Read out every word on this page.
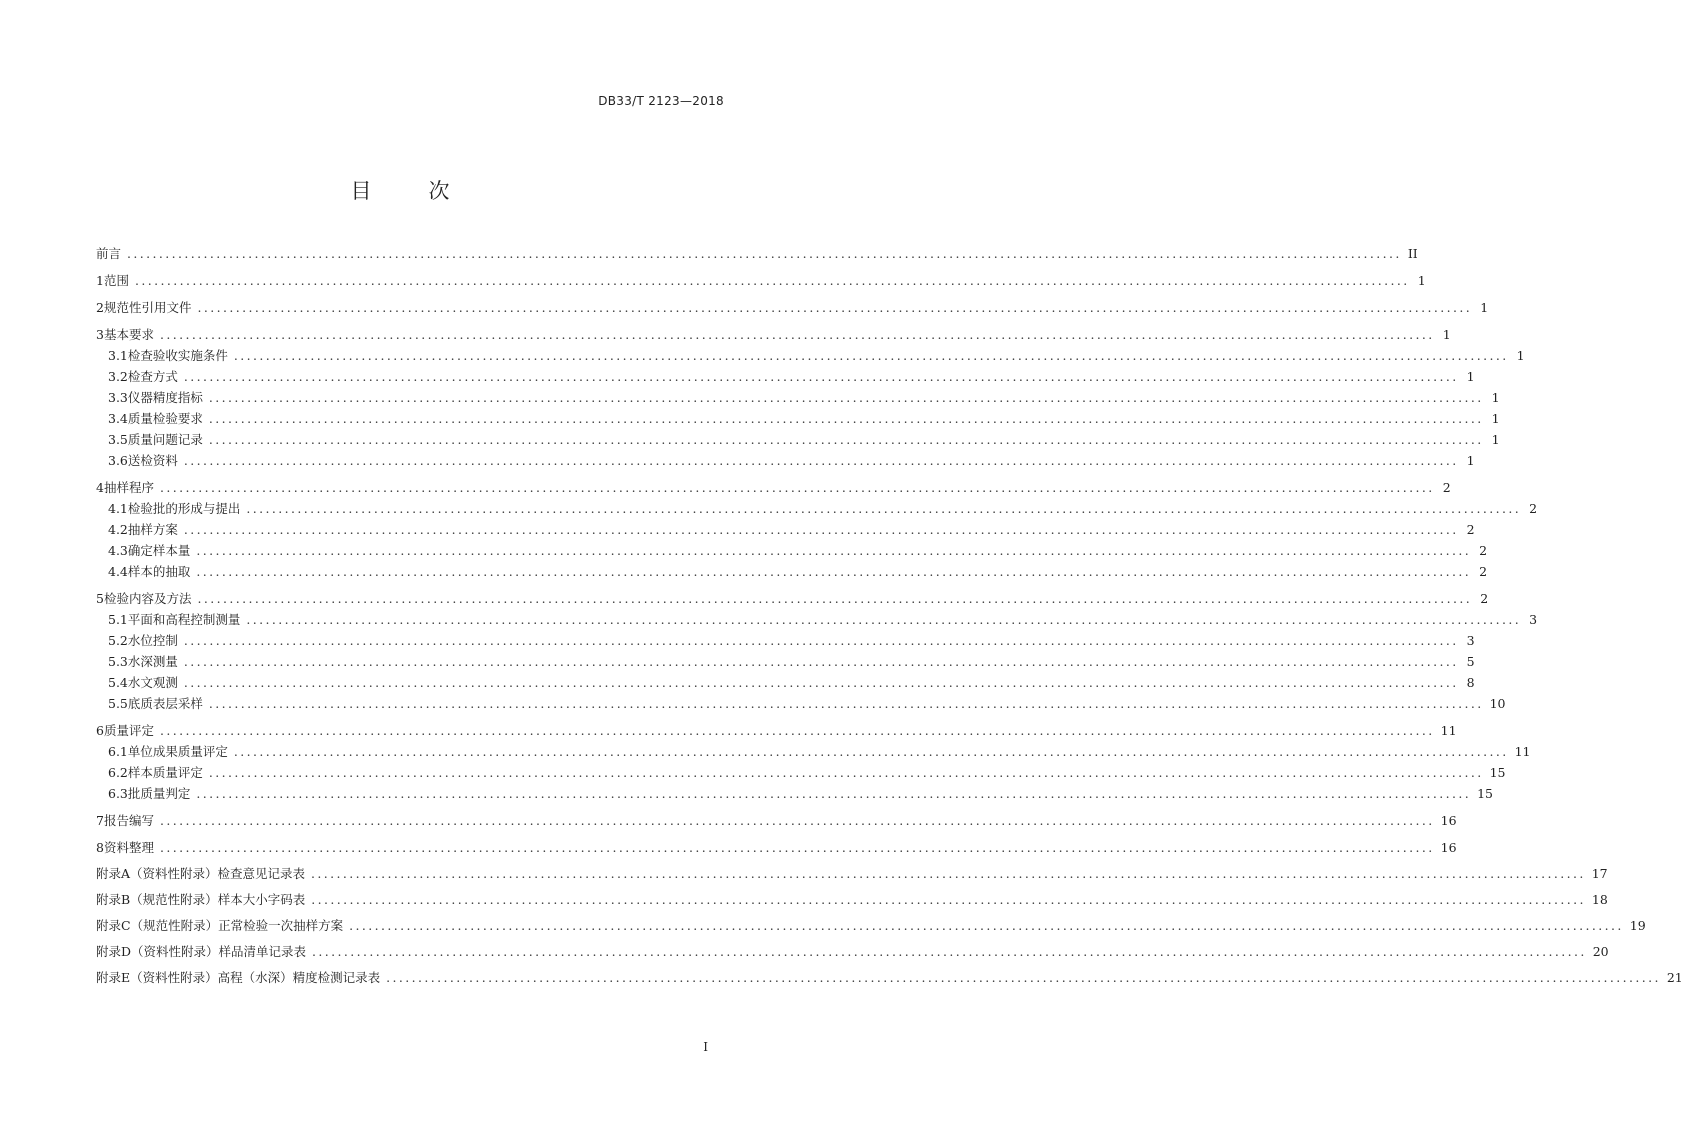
DB33/T 2123—2018
目　次
前言 ........................................................................................................................................................................................................ II
1 范围 ........................................................................................................................................................................................................ 1
2 规范性引用文件 ........................................................................................................................................................................................................ 1
3 基本要求 ........................................................................................................................................................................................................ 1
3.1 检查验收实施条件 ........................................................................................................................................................................................................ 1
3.2 检查方式 ........................................................................................................................................................................................................ 1
3.3 仪器精度指标 ........................................................................................................................................................................................................ 1
3.4 质量检验要求 ........................................................................................................................................................................................................ 1
3.5 质量问题记录 ........................................................................................................................................................................................................ 1
3.6 送检资料 ........................................................................................................................................................................................................ 1
4 抽样程序 ........................................................................................................................................................................................................ 2
4.1 检验批的形成与提出 ........................................................................................................................................................................................................ 2
4.2 抽样方案 ........................................................................................................................................................................................................ 2
4.3 确定样本量 ........................................................................................................................................................................................................ 2
4.4 样本的抽取 ........................................................................................................................................................................................................ 2
5 检验内容及方法 ........................................................................................................................................................................................................ 2
5.1 平面和高程控制测量 ........................................................................................................................................................................................................ 3
5.2 水位控制 ........................................................................................................................................................................................................ 3
5.3 水深测量 ........................................................................................................................................................................................................ 5
5.4 水文观测 ........................................................................................................................................................................................................ 8
5.5 底质表层采样 ........................................................................................................................................................................................................ 10
6 质量评定 ........................................................................................................................................................................................................ 11
6.1 单位成果质量评定 ........................................................................................................................................................................................................ 11
6.2 样本质量评定 ........................................................................................................................................................................................................ 15
6.3 批质量判定 ........................................................................................................................................................................................................ 15
7 报告编写 ........................................................................................................................................................................................................ 16
8 资料整理 ........................................................................................................................................................................................................ 16
附录A（资料性附录） 检查意见记录表 ........................................................................................................................................................................................................ 17
附录B（规范性附录） 样本大小字码表 ........................................................................................................................................................................................................ 18
附录C（规范性附录） 正常检验一次抽样方案 ........................................................................................................................................................................................................ 19
附录D（资料性附录） 样品清单记录表 ........................................................................................................................................................................................................ 20
附录E（资料性附录） 高程（水深）精度检测记录表 ........................................................................................................................................................................................................ 21
I
